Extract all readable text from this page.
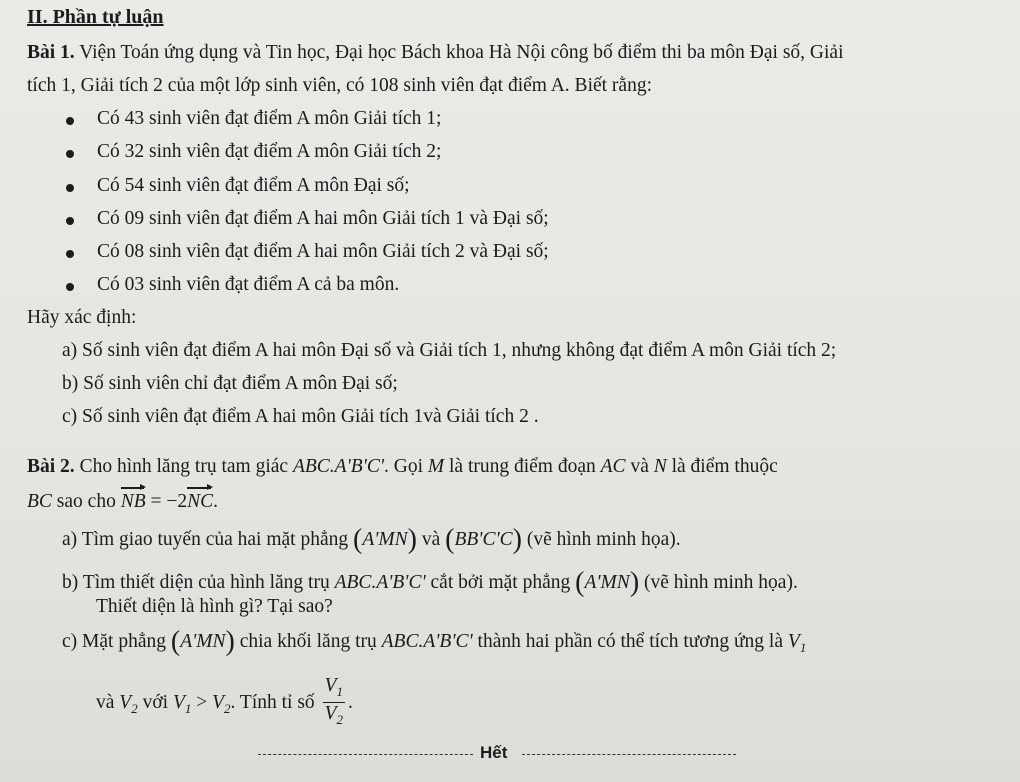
II. Phần tự luận
Bài 1. Viện Toán ứng dụng và Tin học, Đại học Bách khoa Hà Nội công bố điểm thi ba môn Đại số, Giải
tích 1, Giải tích 2 của một lớp sinh viên, có 108 sinh viên đạt điểm A. Biết rằng:
Có 43 sinh viên đạt điểm A môn Giải tích 1;
Có 32 sinh viên đạt điểm A môn Giải tích 2;
Có 54 sinh viên đạt điểm A môn Đại số;
Có 09 sinh viên đạt điểm A hai môn Giải tích 1 và Đại số;
Có 08 sinh viên đạt điểm A hai môn Giải tích 2 và Đại số;
Có 03 sinh viên đạt điểm A cả ba môn.
Hãy xác định:
a) Số sinh viên đạt điểm A hai môn Đại số và Giải tích 1, nhưng không đạt điểm A môn Giải tích 2;
b) Số sinh viên chỉ đạt điểm A môn Đại số;
c) Số sinh viên đạt điểm A hai môn Giải tích 1và Giải tích 2 .
Bài 2. Cho hình lăng trụ tam giác ABC.A'B'C'. Gọi M là trung điểm đoạn AC và N là điểm thuộc
BC sao cho NB = −2NC.
a) Tìm giao tuyến của hai mặt phẳng (A'MN) và (BB'C'C) (vẽ hình minh họa).
b) Tìm thiết diện của hình lăng trụ ABC.A'B'C' cắt bởi mặt phẳng (A'MN) (vẽ hình minh họa).
Thiết diện là hình gì? Tại sao?
c) Mặt phẳng (A'MN) chia khối lăng trụ ABC.A'B'C' thành hai phần có thể tích tương ứng là $V_1$
và $V_2$ với $V_1 > V_2$. Tính tỉ số $\frac{V_1}{V_2}$ .
Hết
